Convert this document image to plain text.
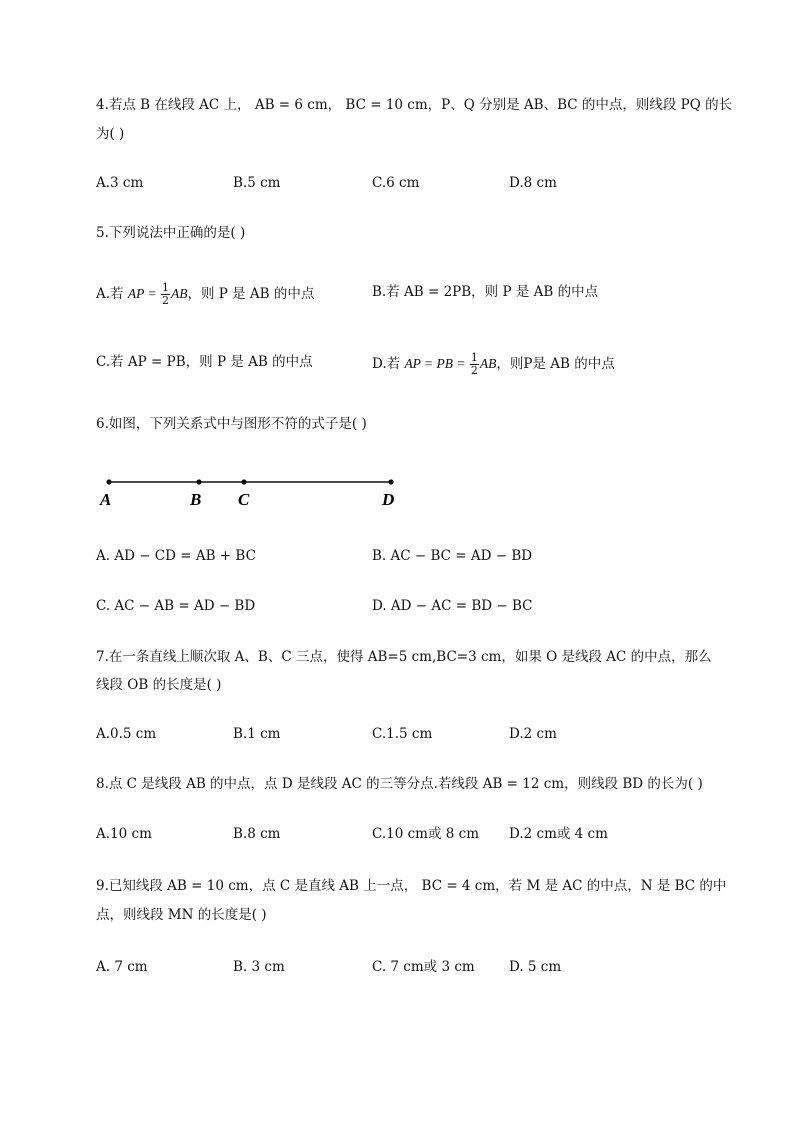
4.若点 B 在线段 AC 上， AB = 6 cm， BC = 10 cm，P、Q 分别是 AB、BC 的中点，则线段 PQ 的长
为( )
A.3 cm	B.5 cm	C.6 cm	D.8 cm
5.下列说法中正确的是( )
A.若 AP = $\frac{1}{2}$ AB，则 P 是 AB 的中点	B.若 AB = 2PB，则 P 是 AB 的中点
C.若 AP = PB，则 P 是 AB 的中点	D.若 AP = PB = $\frac{1}{2}$ AB，则P是 AB 的中点
6.如图，下列关系式中与图形不符的式子是( )
A	B C	D
A. AD − CD = AB + BC	B. AC − BC = AD − BD
C. AC − AB = AD − BD	D. AD − AC = BD − BC
7.在一条直线上顺次取 A、B、C 三点，使得 AB=5 cm,BC=3 cm，如果 O 是线段 AC 的中点，那么
线段 OB 的长度是( )
A.0.5 cm	B.1 cm	C.1.5 cm	D.2 cm
8.点 C 是线段 AB 的中点，点 D 是线段 AC 的三等分点.若线段 AB = 12 cm，则线段 BD 的长为( )
A.10 cm	B.8 cm	C.10 cm或 8 cm D.2 cm或 4 cm
9.已知线段 AB = 10 cm，点 C 是直线 AB 上一点， BC = 4 cm，若 M 是 AC 的中点，N 是 BC 的中
点，则线段 MN 的长度是( )
A. 7 cm	B. 3 cm	C. 7 cm或 3 cm	D. 5 cm
